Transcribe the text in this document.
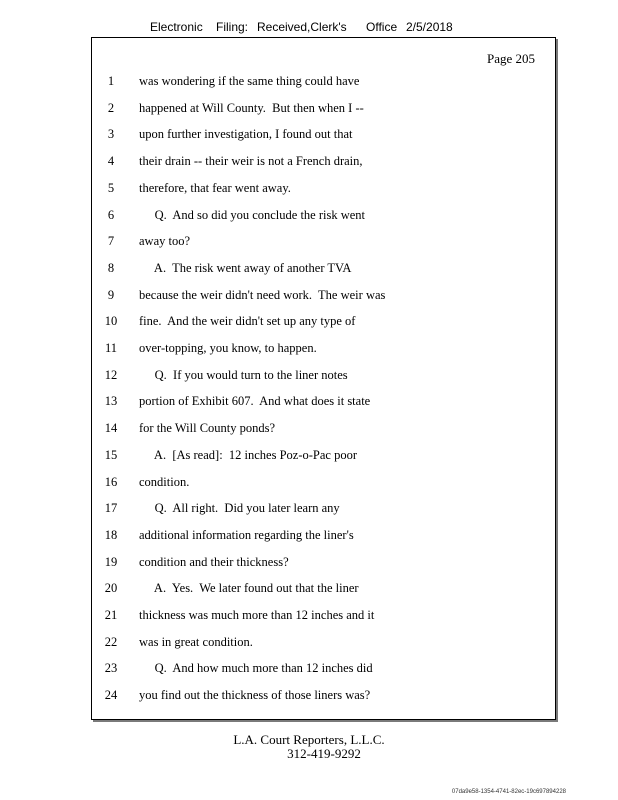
Electronic Filing: Received,Clerk's Office 2/5/2018
Page 205
1	was wondering if the same thing could have
2	happened at Will County.  But then when I --
3	upon further investigation, I found out that
4	their drain -- their weir is not a French drain,
5	therefore, that fear went away.
6	Q.  And so did you conclude the risk went
7	away too?
8	A.  The risk went away of another TVA
9	because the weir didn't need work.  The weir was
10	fine.  And the weir didn't set up any type of
11	over-topping, you know, to happen.
12	Q.  If you would turn to the liner notes
13	portion of Exhibit 607.  And what does it state
14	for the Will County ponds?
15	A.  [As read]:  12 inches Poz-o-Pac poor
16	condition.
17	Q.  All right.  Did you later learn any
18	additional information regarding the liner's
19	condition and their thickness?
20	A.  Yes.  We later found out that the liner
21	thickness was much more than 12 inches and it
22	was in great condition.
23	Q.  And how much more than 12 inches did
24	you find out the thickness of those liners was?
L.A. Court Reporters, L.L.C.
312-419-9292
07da9e58-1354-4741-82ec-19c697894228
